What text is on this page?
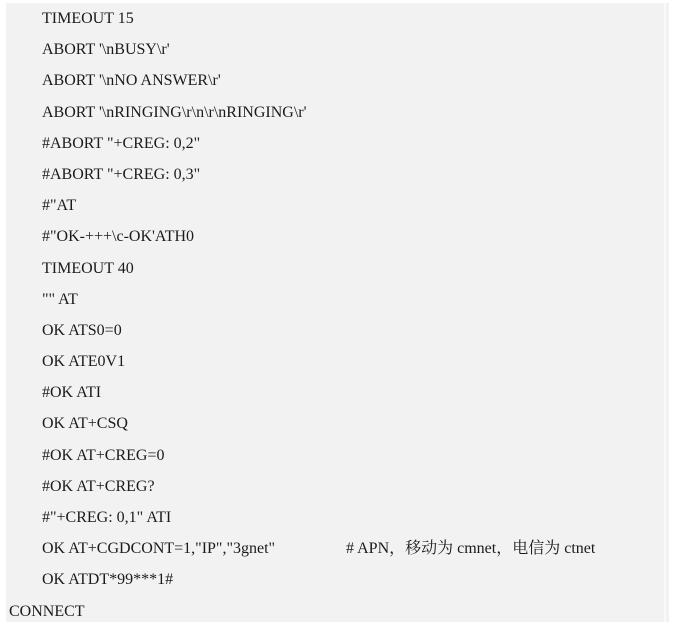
TIMEOUT 15
ABORT '\nBUSY\r'
ABORT '\nNO ANSWER\r'
ABORT '\nRINGING\r\n\r\nRINGING\r'
#ABORT "+CREG: 0,2"
#ABORT "+CREG: 0,3"
#"AT
#"OK-+++\c-OK'ATH0
TIMEOUT 40
"" AT
OK ATS0=0
OK ATE0V1
#OK ATI
OK AT+CSQ
#OK AT+CREG=0
#OK AT+CREG?
#"+CREG: 0,1" ATI
OK AT+CGDCONT=1,"IP","3gnet"	# APN，移动为 cmnet，电信为 ctnet
OK ATDT*99***1#
CONNECT
